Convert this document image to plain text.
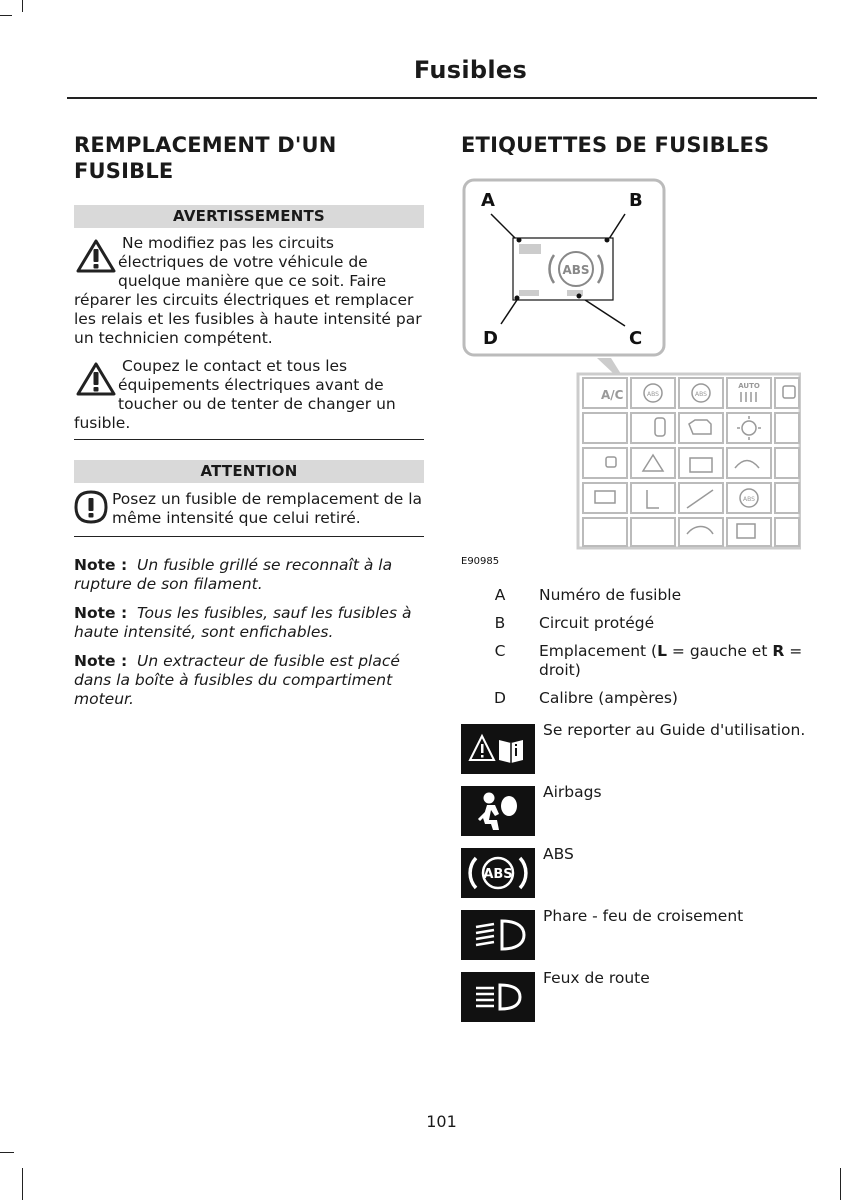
Fusibles
REMPLACEMENT D'UN FUSIBLE
AVERTISSEMENTS
Ne modifiez pas les circuits électriques de votre véhicule de quelque manière que ce soit. Faire réparer les circuits électriques et remplacer les relais et les fusibles à haute intensité par un technicien compétent.
Coupez le contact et tous les équipements électriques avant de toucher ou de tenter de changer un fusible.
ATTENTION
Posez un fusible de remplacement de la même intensité que celui retiré.
Note : Un fusible grillé se reconnaît à la rupture de son filament.
Note : Tous les fusibles, sauf les fusibles à haute intensité, sont enfichables.
Note : Un extracteur de fusible est placé dans la boîte à fusibles du compartiment moteur.
ETIQUETTES DE FUSIBLES
A	B
D	C
ABS
A/C	ABS	ABS
AUTO
ABS
E90985
A	Numéro de fusible
B	Circuit protégé
C	Emplacement (L = gauche et R = droit)
D	Calibre (ampères)
Se reporter au Guide d'utilisation.
Airbags
ABS
ABS
Phare - feu de croisement
Feux de route
101
